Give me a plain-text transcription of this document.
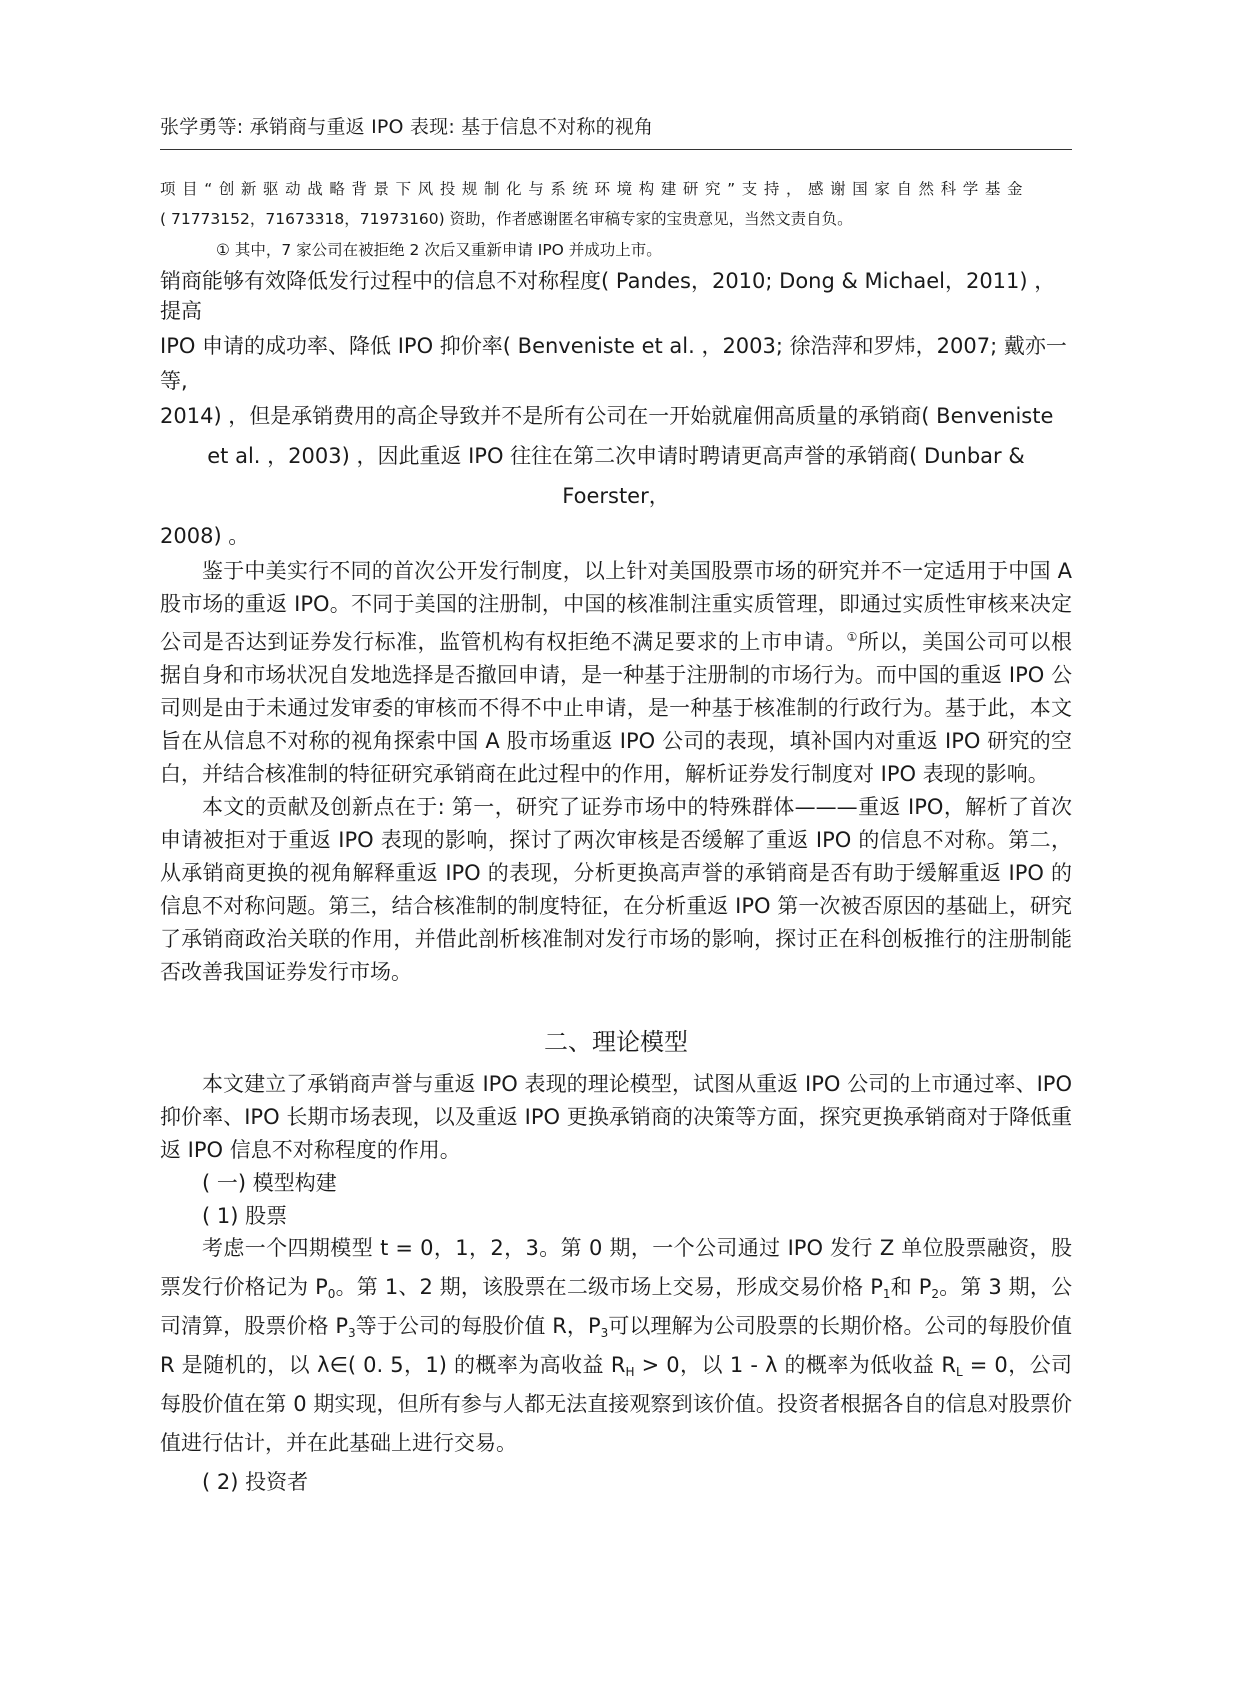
张学勇等: 承销商与重返 IPO 表现: 基于信息不对称的视角
项目“创新驱动战略背景下风投规制化与系统环境构建研究”支持，感谢国家自然科学基金
( 71773152，71673318，71973160) 资助，作者感谢匿名审稿专家的宝贵意见，当然文责自负。
① 其中，7 家公司在被拒绝 2 次后又重新申请 IPO 并成功上市。
销商能够有效降低发行过程中的信息不对称程度( Pandes，2010; Dong & Michael，2011) ，
提高
IPO 申请的成功率、降低 IPO 抑价率( Benveniste et al. ，2003; 徐浩萍和罗炜，2007; 戴亦一
等,
2014) ，但是承销费用的高企导致并不是所有公司在一开始就雇佣高质量的承销商( Benveniste
et al. ，2003) ，因此重返 IPO 往往在第二次申请时聘请更高声誉的承销商( Dunbar &
Foerster，
2008) 。

鉴于中美实行不同的首次公开发行制度，以上针对美国股票市场的研究并不一定适用于中国 A 股市场的重返 IPO。不同于美国的注册制，中国的核准制注重实质管理，即通过实质性审核来决定公司是否达到证券发行标准，监管机构有权拒绝不满足要求的上市申请。①所以，美国公司可以根据自身和市场状况自发地选择是否撤回申请，是一种基于注册制的市场行为。而中国的重返 IPO 公司则是由于未通过发审委的审核而不得不中止申请，是一种基于核准制的行政行为。基于此，本文旨在从信息不对称的视角探索中国 A 股市场重返 IPO 公司的表现，填补国内对重返 IPO 研究的空白，并结合核准制的特征研究承销商在此过程中的作用，解析证券发行制度对 IPO 表现的影响。

本文的贡献及创新点在于: 第一，研究了证券市场中的特殊群体———重返 IPO，解析了首次申请被拒对于重返 IPO 表现的影响，探讨了两次审核是否缓解了重返 IPO 的信息不对称。第二，从承销商更换的视角解释重返 IPO 的表现，分析更换高声誉的承销商是否有助于缓解重返 IPO 的信息不对称问题。第三，结合核准制的制度特征，在分析重返 IPO 第一次被否原因的基础上，研究了承销商政治关联的作用，并借此剖析核准制对发行市场的影响，探讨正在科创板推行的注册制能否改善我国证券发行市场。

二、理论模型

本文建立了承销商声誉与重返 IPO 表现的理论模型，试图从重返 IPO 公司的上市通过率、IPO 抑价率、IPO 长期市场表现，以及重返 IPO 更换承销商的决策等方面，探究更换承销商对于降低重返 IPO 信息不对称程度的作用。

( 一) 模型构建

( 1) 股票

考虑一个四期模型 t = 0，1，2，3。第 0 期，一个公司通过 IPO 发行 Z 单位股票融资，股票发行价格记为 $P_0$。第 1、2 期，该股票在二级市场上交易，形成交易价格 $P_1$和 $P_2$。第 3 期，公司清算，股票价格 $P_3$等于公司的每股价值 R，$P_3$可以理解为公司股票的长期价格。公司的每股价值 R 是随机的，以 λ∈( 0. 5，1) 的概率为高收益 $R_H > 0$，以 1 - λ 的概率为低收益 $R_L = 0$，公司每股价值在第 0 期实现，但所有参与人都无法直接观察到该价值。投资者根据各自的信息对股票价值进行估计，并在此基础上进行交易。

( 2) 投资者
